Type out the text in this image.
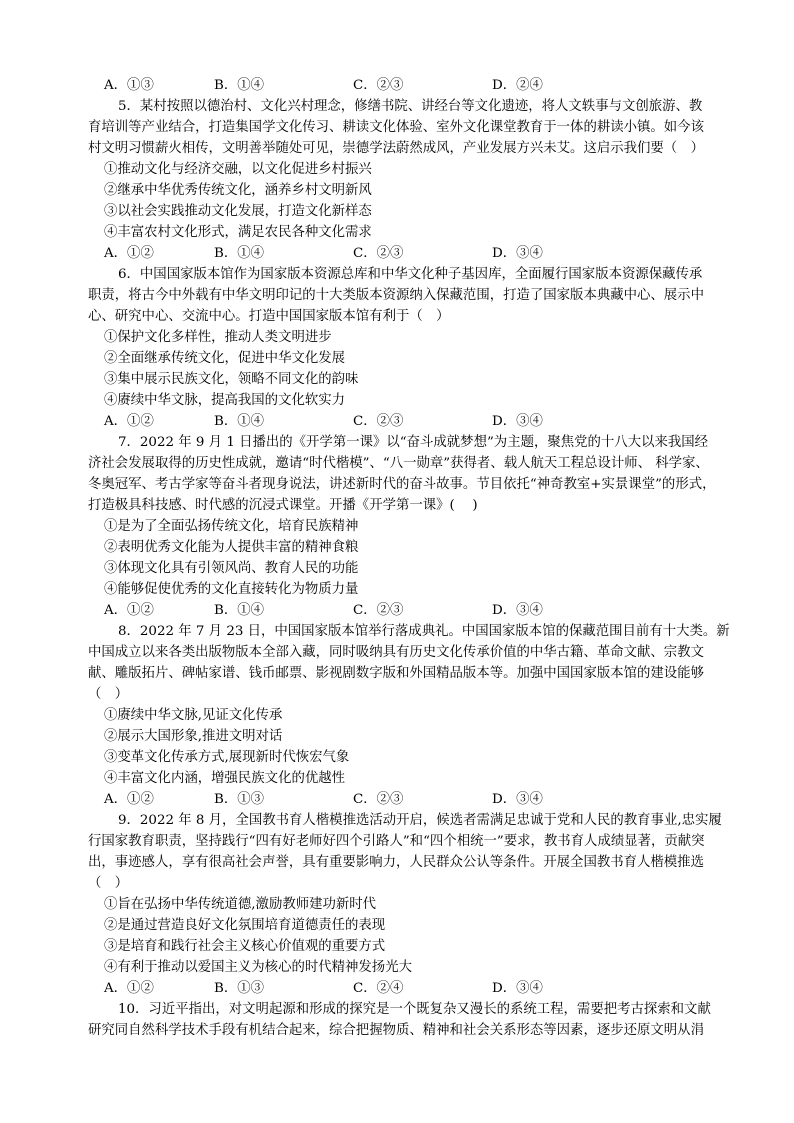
A．①③	B．①④	C．②③	D．②④
5．某村按照以德治村、文化兴村理念，修缮书院、讲经台等文化遗迹，将人文轶事与文创旅游、教
育培训等产业结合，打造集国学文化传习、耕读文化体验、室外文化课堂教育于一体的耕读小镇。如今该
村文明习惯薪火相传，文明善举随处可见，崇德学法蔚然成风，产业发展方兴未艾。这启示我们要（　）
①推动文化与经济交融，以文化促进乡村振兴
②继承中华优秀传统文化，涵养乡村文明新风
③以社会实践推动文化发展，打造文化新样态
④丰富农村文化形式，满足农民各种文化需求
A．①②	B．①④	C．②③	D．③④
6．中国国家版本馆作为国家版本资源总库和中华文化种子基因库，全面履行国家版本资源保藏传承
职责，将古今中外载有中华文明印记的十大类版本资源纳入保藏范围，打造了国家版本典藏中心、展示中
心、研究中心、交流中心。打造中国国家版本馆有利于（　）
①保护文化多样性，推动人类文明进步
②全面继承传统文化，促进中华文化发展
③集中展示民族文化，领略不同文化的韵味
④赓续中华文脉，提高我国的文化软实力
A．①②	B．①④	C．②③	D．③④
7．2022 年 9 月 1 日播出的《开学第一课》以“奋斗成就梦想”为主题，聚焦党的十八大以来我国经
济社会发展取得的历史性成就，邀请“时代楷模”、“八一勋章”获得者、载人航天工程总设计师、 科学家、
冬奥冠军、考古学家等奋斗者现身说法，讲述新时代的奋斗故事。节目依托“神奇教室+实景课堂”的形式，
打造极具科技感、时代感的沉浸式课堂。开播《开学第一课》(　 )
①是为了全面弘扬传统文化，培育民族精神
②表明优秀文化能为人提供丰富的精神食粮
③体现文化具有引领风尚、教育人民的功能
④能够促使优秀的文化直接转化为物质力量
A．①②	B．①④	C．②③	D．③④
8．2022 年 7 月 23 日，中国国家版本馆举行落成典礼。中国国家版本馆的保藏范围目前有十大类。新
中国成立以来各类出版物版本全部入藏，同时吸纳具有历史文化传承价值的中华古籍、革命文献、宗教文
献、雕版拓片、碑帖家谱、钱币邮票、影视剧数字版和外国精品版本等。加强中国国家版本馆的建设能够
（　）
①赓续中华文脉,见证文化传承
②展示大国形象,推进文明对话
③变革文化传承方式,展现新时代恢宏气象
④丰富文化内涵，增强民族文化的优越性
A．①②	B．①③	C．②③	D．③④
9．2022 年 8 月，全国教书育人楷模推选活动开启，候选者需满足忠诚于党和人民的教育事业,忠实履
行国家教育职责，坚持践行“四有好老师好四个引路人”和“四个相统一”要求，教书育人成绩显著，贡献突
出，事迹感人，享有很高社会声誉，具有重要影响力，人民群众公认等条件。开展全国教书育人楷模推选
（　）
①旨在弘扬中华传统道德,激励教师建功新时代
②是通过营造良好文化氛围培育道德责任的表现
③是培育和践行社会主义核心价值观的重要方式
④有利于推动以爱国主义为核心的时代精神发扬光大
A．①②	B．①③	C．②④	D．③④
10．习近平指出，对文明起源和形成的探究是一个既复杂又漫长的系统工程，需要把考古探索和文献
研究同自然科学技术手段有机结合起来，综合把握物质、精神和社会关系形态等因素，逐步还原文明从涓
